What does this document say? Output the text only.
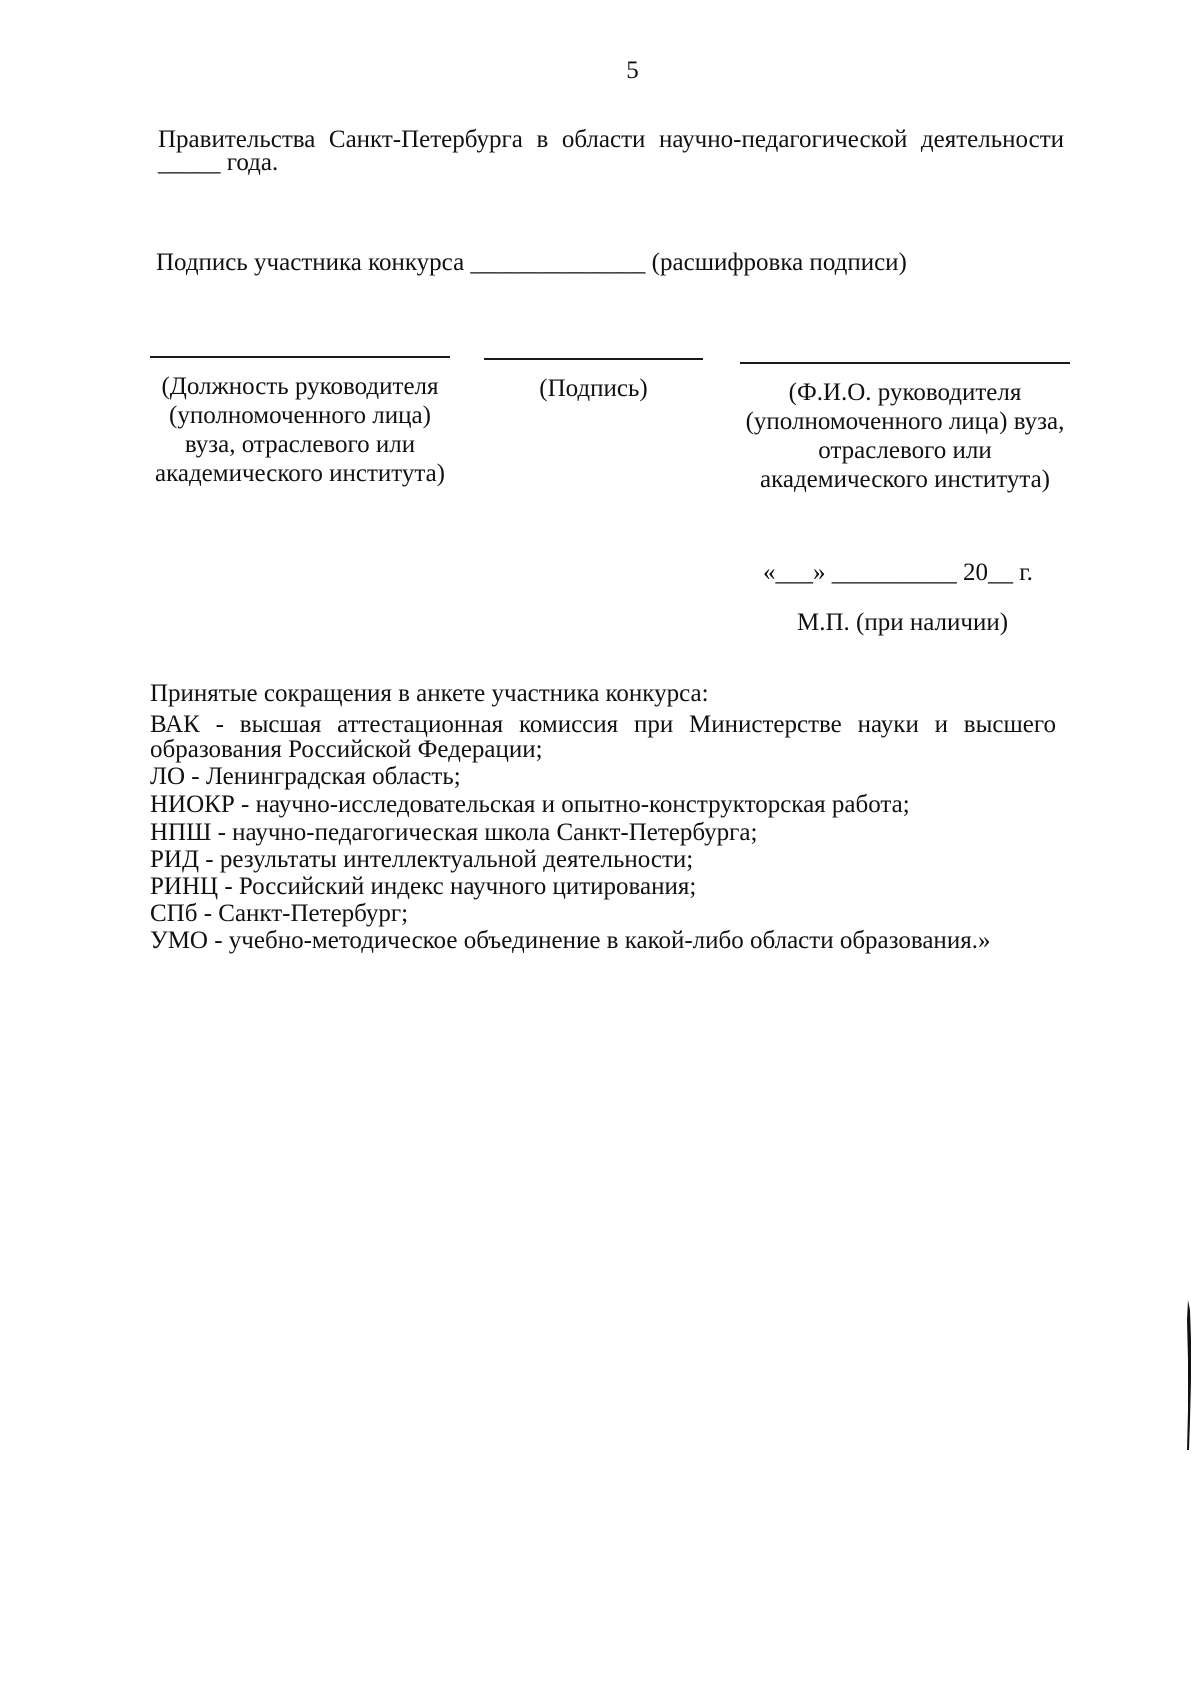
5
Правительства Санкт-Петербурга в области научно-педагогической деятельности
_____ года.
Подпись участника конкурса ______________ (расшифровка подписи)
(Должность руководителя
(уполномоченного лица)
вуза, отраслевого или
академического института)
(Подпись)	(Ф.И.О. руководителя
(уполномоченного лица) вуза,
отраслевого или
академического института)
«___» __________ 20__ г.
М.П. (при наличии)
Принятые сокращения в анкете участника конкурса:
ВАК - высшая аттестационная комиссия при Министерстве науки и высшего
образования Российской Федерации;
ЛО - Ленинградская область;
НИОКР - научно-исследовательская и опытно-конструкторская работа;
НПШ - научно-педагогическая школа Санкт-Петербурга;
РИД - результаты интеллектуальной деятельности;
РИНЦ - Российский индекс научного цитирования;
СПб - Санкт-Петербург;
УМО - учебно-методическое объединение в какой-либо области образования.»
